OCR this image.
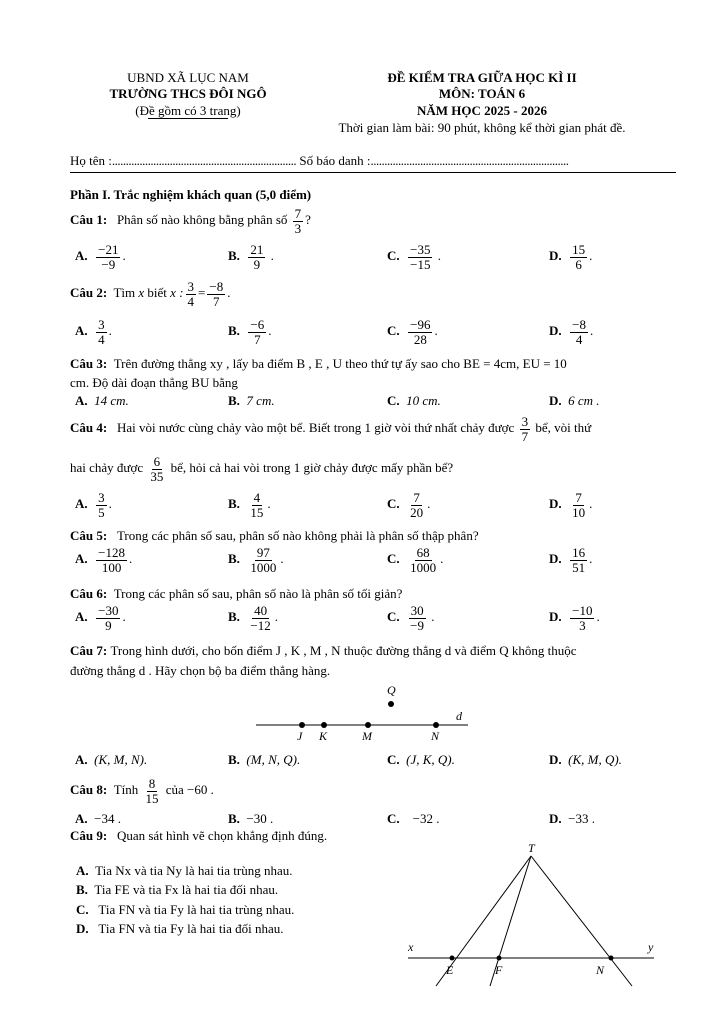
UBND XÃ LỤC NAM
TRƯỜNG THCS ĐÔI NGÔ
(Đề gồm có 3 trang)
ĐỀ KIỂM TRA GIỮA HỌC KÌ II
MÔN: TOÁN 6
NĂM HỌC 2025 - 2026
Thời gian làm bài: 90 phút, không kể thời gian phát đề.
Họ tên :................................................................... Số báo danh :........................................................................
Phần I. Trắc nghiệm khách quan (5,0 điểm)
Câu 1: Phân số nào không bằng phân số $\frac{7}{3}$ ?
A. $\frac{-21}{-9}$ .	B. $\frac{21}{9}$ .	C. $\frac{-35}{-15}$ .	D. $\frac{15}{6}$ .
Câu 2: Tìm x biết x : $\frac{3}{4} = \frac{-8}{7}$ .
A. $\frac{3}{4}$ .	B. $\frac{-6}{7}$ .	C. $\frac{-96}{28}$ .	D. $\frac{-8}{4}$ .
Câu 3: Trên đường thẳng xy , lấy ba điểm B , E , U theo thứ tự ấy sao cho BE = 4cm, EU = 10
cm. Độ dài đoạn thẳng BU bằng
A. 14 cm.	B. 7 cm.	C. 10 cm.	D. 6 cm .
Câu 4: Hai vòi nước cùng chảy vào một bể. Biết trong 1 giờ vòi thứ nhất chảy được $\frac{3}{7}$ bể, vòi thứ
hai chảy được $\frac{6}{35}$ bể, hỏi cả hai vòi trong 1 giờ chảy được mấy phần bể?
A. $\frac{3}{5}$ .	B. $\frac{4}{15}$ .	C. $\frac{7}{20}$ .	D. $\frac{7}{10}$ .
Câu 5: Trong các phân số sau, phân số nào không phải là phân số thập phân?
A. $\frac{-128}{100}$ .	B. $\frac{97}{1000}$ .	C. $\frac{68}{1000}$ .	D. $\frac{16}{51}$ .
Câu 6: Trong các phân số sau, phân số nào là phân số tối giản?
A. $\frac{-30}{9}$ .	B. $\frac{40}{-12}$ .	C. $\frac{30}{-9}$ .	D. $\frac{-10}{3}$ .
Câu 7: Trong hình dưới, cho bốn điểm J , K , M , N thuộc đường thẳng d và điểm Q không thuộc
đường thẳng d . Hãy chọn bộ ba điểm thẳng hàng.
Q
d
J K	M	N
A. (K, M, N).	B. (M, N, Q).	C. (J, K, Q).	D. (K, M, Q).
Câu 8: Tính $\frac{8}{15}$ của −60 .
A. −34 .	B. −30 .	C. −32 .	D. −33 .
Câu 9: Quan sát hình vẽ chọn khẳng định đúng.
A. Tia Nx và tia Ny là hai tia trùng nhau.
B. Tia FE và tia Fx là hai tia đối nhau.
C. Tia FN và tia Fy là hai tia trùng nhau.
D. Tia FN và tia Fy là hai tia đối nhau.
T
x	y
E	F	N
